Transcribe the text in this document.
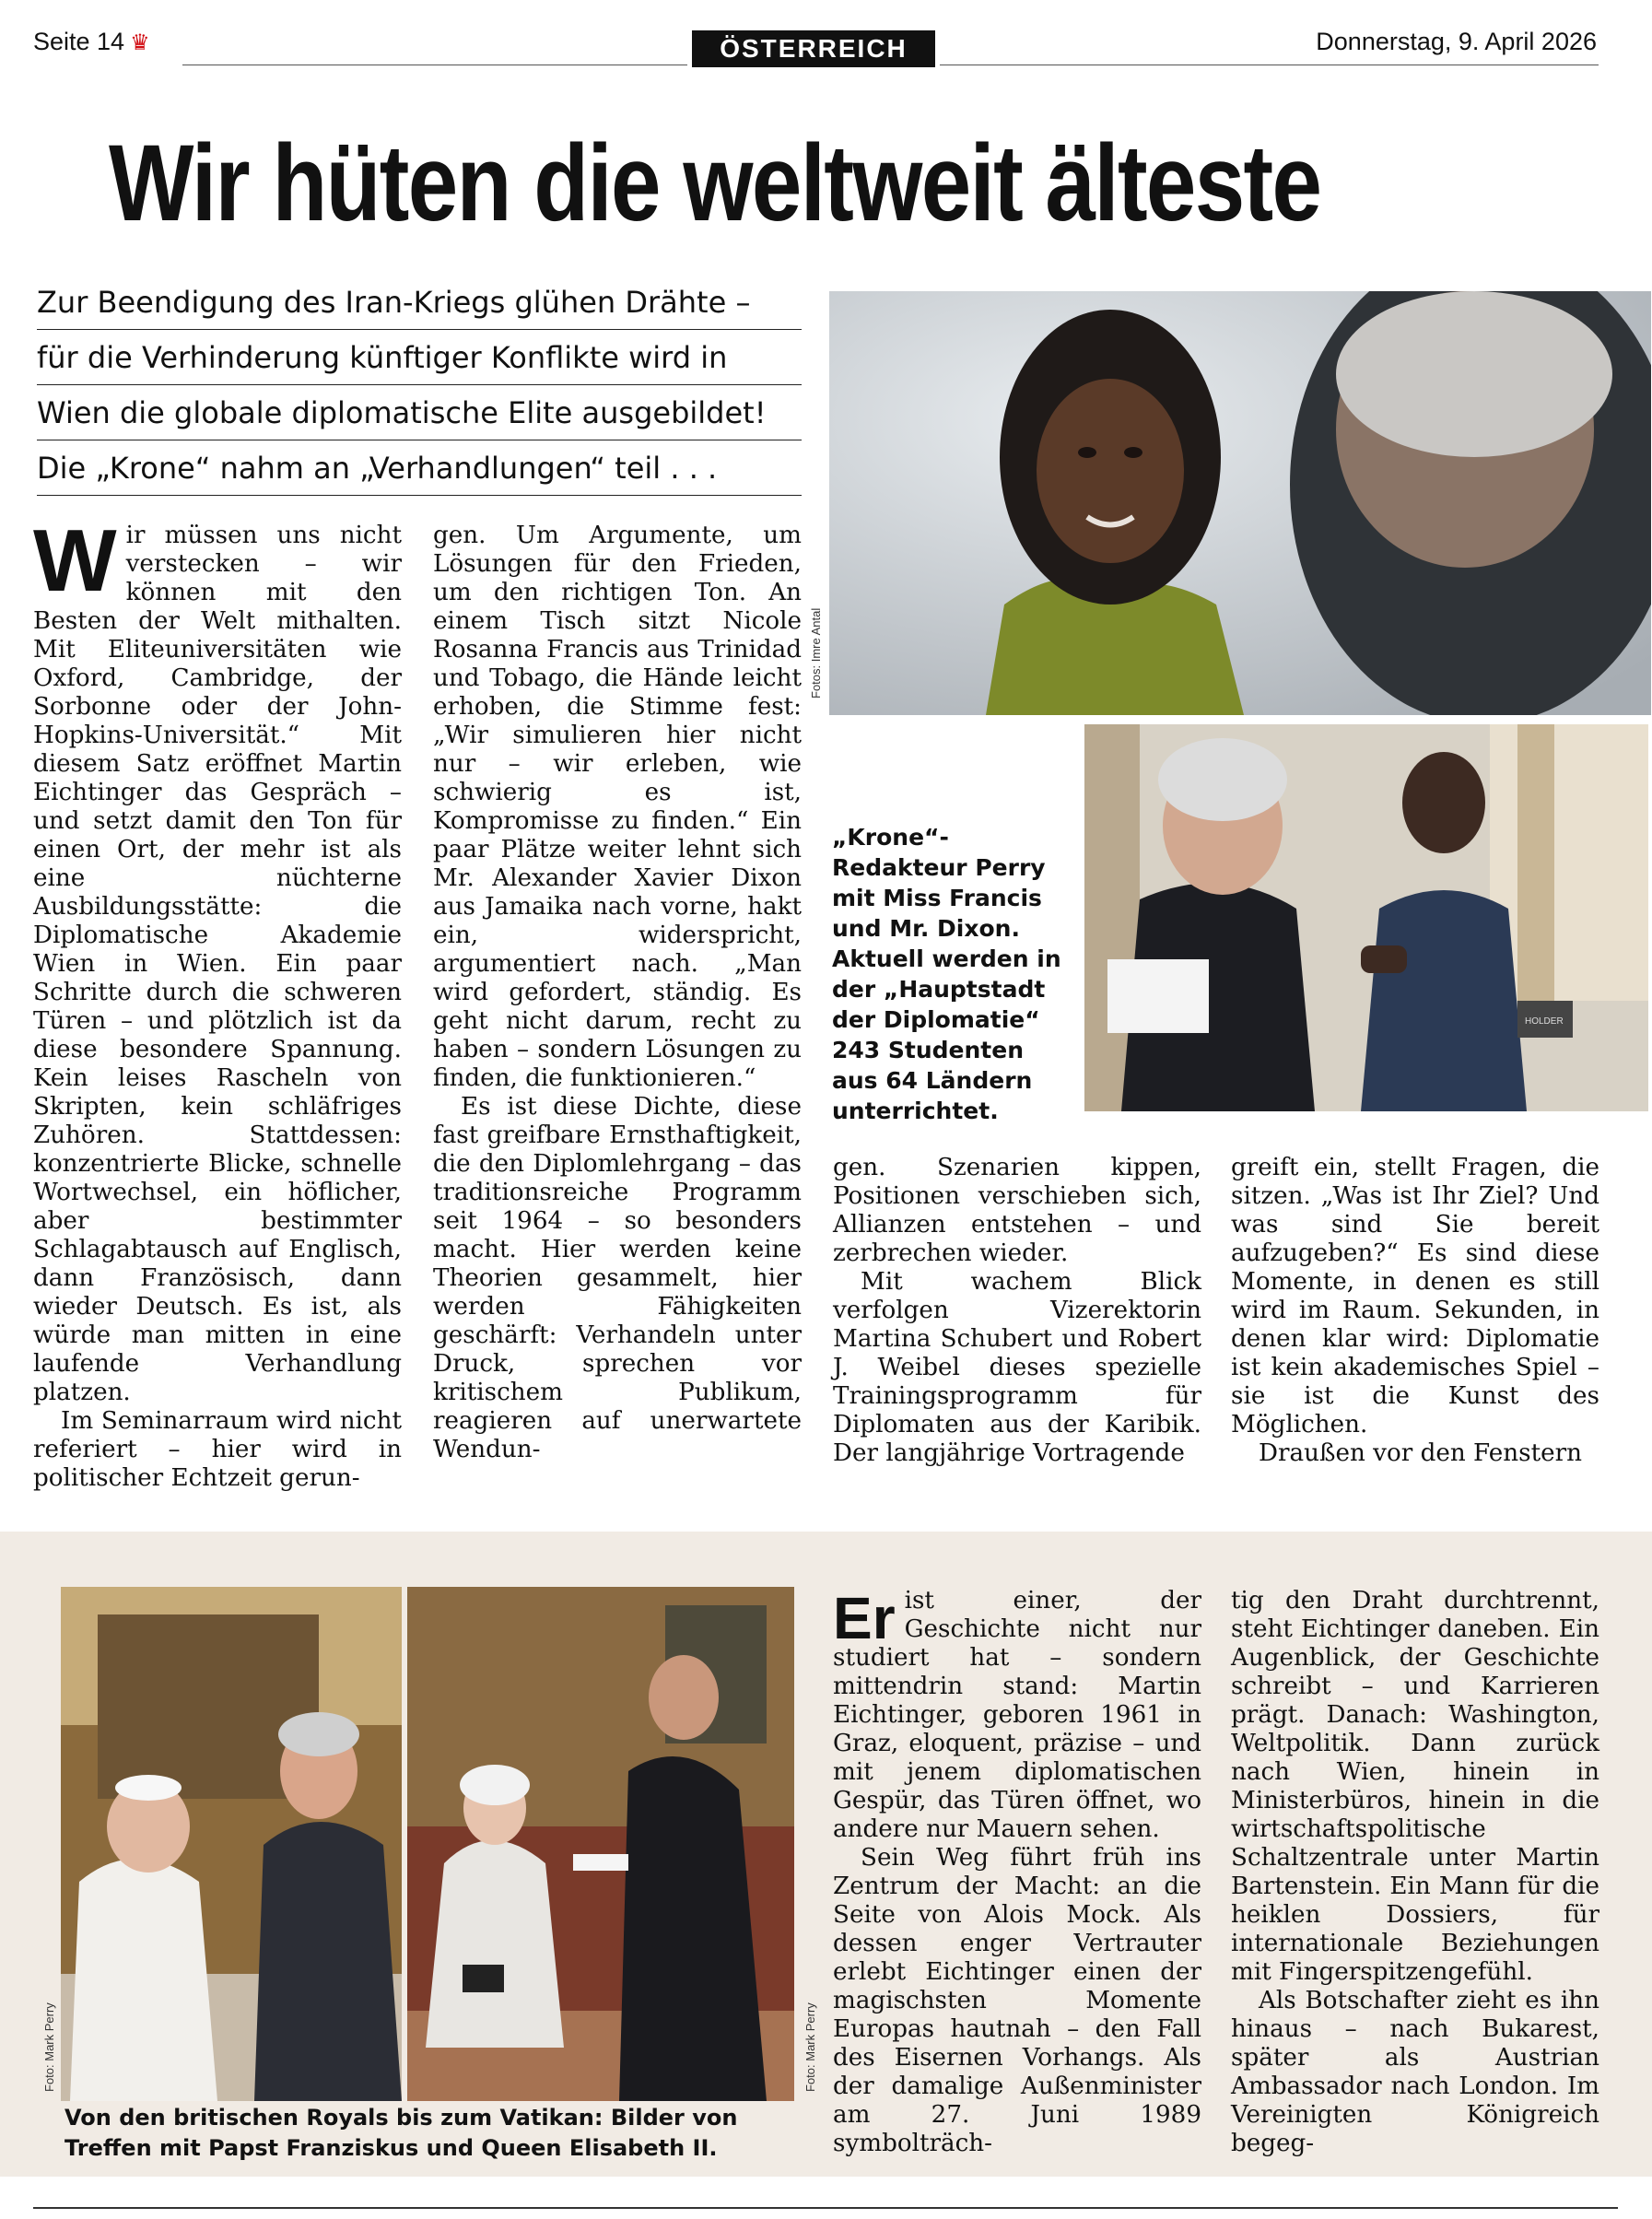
Seite 14 ♛	ÖSTERREICH	Donnerstag, 9. April 2026
Wir hüten die weltweit älteste
Zur Beendigung des Iran-Kriegs glühen Drähte –
für die Verhinderung künftiger Konflikte wird in
Wien die globale diplomatische Elite ausgebildet!
Die „Krone“ nahm an „Verhandlungen“ teil . . .
Fotos: Imre Antal
HOLDER
„Krone“-Redakteur Perry mit Miss Francis und Mr. Dixon. Aktuell werden in der „Hauptstadt der Diplomatie“ 243 Studenten aus 64 Ländern unterrichtet.
W ir müssen uns nicht verstecken – wir können mit den Besten der Welt mithalten. Mit Eliteuniversitäten wie Oxford, Cambridge, der Sorbonne oder der John-Hopkins-Universität.“ Mit diesem Satz eröffnet Martin Eichtinger das Gespräch – und setzt damit den Ton für einen Ort, der mehr ist als eine nüchterne Ausbildungsstätte: die Diplomatische Akademie Wien in Wien. Ein paar Schritte durch die schweren Türen – und plötzlich ist da diese besondere Spannung. Kein leises Rascheln von Skripten, kein schläfriges Zuhören. Stattdessen: konzentrierte Blicke, schnelle Wortwechsel, ein höflicher, aber bestimmter Schlagabtausch auf Englisch, dann Französisch, dann wieder Deutsch. Es ist, als würde man mitten in eine laufende Verhandlung platzen.

Im Seminarraum wird nicht referiert – hier wird in politischer Echtzeit gerun-

gen. Um Argumente, um Lösungen für den Frieden, um den richtigen Ton. An einem Tisch sitzt Nicole Rosanna Francis aus Trinidad und Tobago, die Hände leicht erhoben, die Stimme fest: „Wir simulieren hier nicht nur – wir erleben, wie schwierig es ist, Kompromisse zu finden.“ Ein paar Plätze weiter lehnt sich Mr. Alexander Xavier Dixon aus Jamaika nach vorne, hakt ein, widerspricht, argumentiert nach. „Man wird gefordert, ständig. Es geht nicht darum, recht zu haben – sondern Lösungen zu finden, die funktionieren.“

Es ist diese Dichte, diese fast greifbare Ernsthaftigkeit, die den Diplomlehrgang – das traditionsreiche Programm seit 1964 – so besonders macht. Hier werden keine Theorien gesammelt, hier werden Fähigkeiten geschärft: Verhandeln unter Druck, sprechen vor kritischem Publikum, reagieren auf unerwartete Wendun-

gen. Szenarien kippen, Positionen verschieben sich, Allianzen entstehen – und zerbrechen wieder.

Mit wachem Blick verfolgen Vizerektorin Martina Schubert und Robert J. Weibel dieses spezielle Trainingsprogramm für Diplomaten aus der Karibik. Der langjährige Vortragende

greift ein, stellt Fragen, die sitzen. „Was ist Ihr Ziel? Und was sind Sie bereit aufzugeben?“ Es sind diese Momente, in denen es still wird im Raum. Sekunden, in denen klar wird: Diplomatie ist kein akademisches Spiel – sie ist die Kunst des Möglichen.

Draußen vor den Fenstern

Foto: Mark Perry	Foto: Mark Perry
Von den britischen Royals bis zum Vatikan: Bilder von Treffen mit Papst Franziskus und Queen Elisabeth II.
Er ist einer, der Geschichte nicht nur studiert hat – sondern mittendrin stand: Martin Eichtinger, geboren 1961 in Graz, eloquent, präzise – und mit jenem diplomatischen Gespür, das Türen öffnet, wo andere nur Mauern sehen.

Sein Weg führt früh ins Zentrum der Macht: an die Seite von Alois Mock. Als dessen enger Vertrauter erlebt Eichtinger einen der magischsten Momente Europas hautnah – den Fall des Eisernen Vorhangs. Als der damalige Außenminister am 27. Juni 1989 symbolträch-

tig den Draht durchtrennt, steht Eichtinger daneben. Ein Augenblick, der Geschichte schreibt – und Karrieren prägt. Danach: Washington, Weltpolitik. Dann zurück nach Wien, hinein in Ministerbüros, hinein in die wirtschaftspolitische Schaltzentrale unter Martin Bartenstein. Ein Mann für die heiklen Dossiers, für internationale Beziehungen mit Fingerspitzengefühl.

Als Botschafter zieht es ihn hinaus – nach Bukarest, später als Austrian Ambassador nach London. Im Vereinigten Königreich begeg-
